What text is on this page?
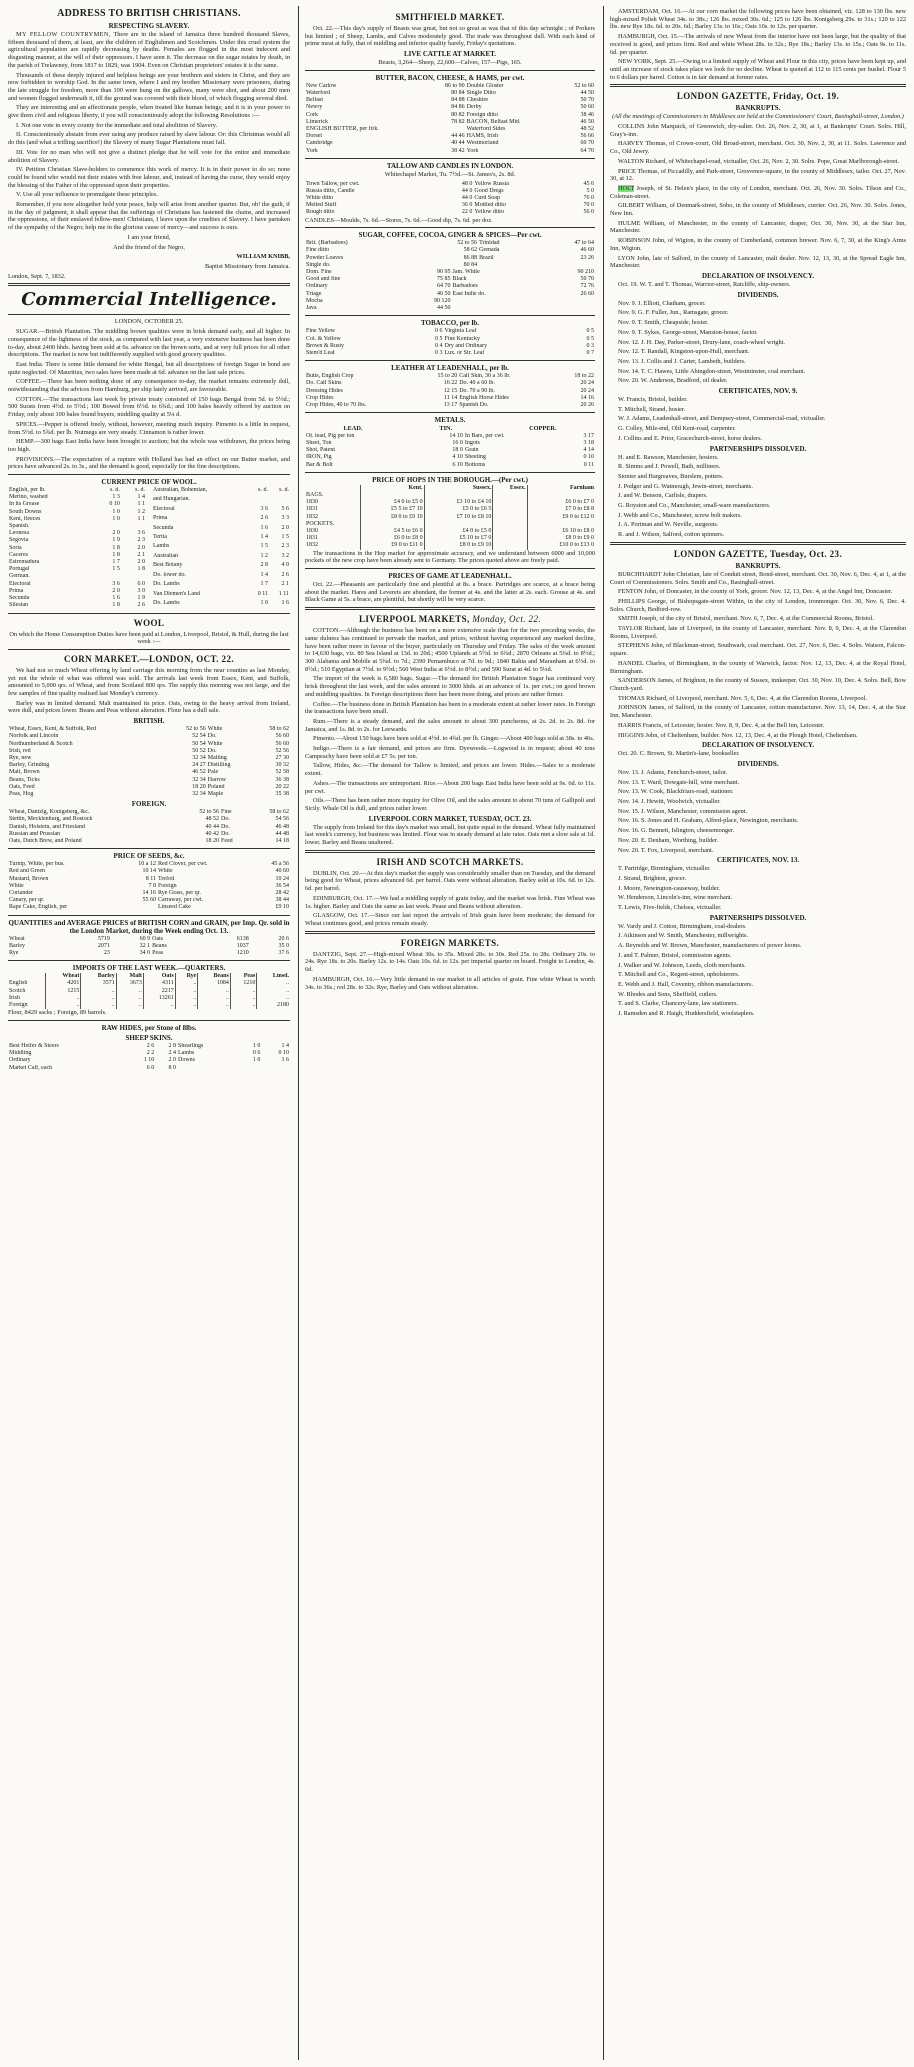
ADDRESS TO BRITISH CHRISTIANS.
RESPECTING SLAVERY.

MY FELLOW COUNTRYMEN, There are in the island of Jamaica three hundred thousand Slaves, fifteen thousand of them, at least, are the children of Englishmen and Scotchmen. Under this cruel system the agricultural population are rapidly decreasing by deaths. Females are flogged in the most indecent and disgusting manner, at the will of their oppressors. I have seen it. The decrease on the sugar estates by death, in the parish of Trelawney, from 1817 to 1829, was 1904. Even on Christian proprietors' estates it is the same.

Thousands of these deeply injured and helpless beings are your brethren and sisters in Christ, and they are now forbidden to worship God. In the same town, where I and my brother Missionary were prisoners, during the late struggle for freedom, more than 100 were hung on the gallows, many were shot, and about 200 men and women flogged underneath it, till the ground was covered with their blood, of which flogging several died.

They are interesting and an affectionate people, when treated like human beings; and it is in your power to give them civil and religious liberty, if you will conscientiously adopt the following Resolutions :—

I. Not one vote in every county for the immediate and total abolition of Slavery.

II. Conscientiously abstain from ever using any produce raised by slave labour. Or: this Christmas would all do this (and what a trifling sacrifice!) the Slavery of many Sugar Plantations must fall.

III. Vote for no man who will not give a distinct pledge that he will vote for the entire and immediate abolition of Slavery.

IV. Petition Christian Slave-holders to commence this work of mercy. It is in their power to do so; none could be found who would not their estates with free labour, and, instead of having the curse, they would enjoy the blessing of the Father of the oppressed upon their properties.

V. Use all your influence to promulgate these principles.

Remember, if you now altogether hold your peace, help will arise from another quarter. But, oh! the guilt, if in the day of judgment, it shall appear that the sufferings of Christians has fastened the chains, and increased the oppressions, of their enslaved fellow-men! Christians, I leave upon the cruelties of Slavery. I have partaken of the sympathy of the Negro; help me in the glorious cause of mercy—and success is ours.

I am your friend,

And the friend of the Negro,

WILLIAM KNIBB,

Baptist Missionary from Jamaica.

London, Sept. 7, 1832.

Commercial Intelligence.

LONDON, OCTOBER 25.

SUGAR.—British Plantation. The middling brown qualities were in brisk demand early, and all higher. In consequence of the lightness of the stock, as compared with last year, a very extensive business has been done to-day, about 2400 hhds. having been sold at 6s. advance on the brown sorts, and at very full prices for all other descriptions. The market is now but indifferently supplied with good grocery qualities.

East India. There is some little demand for white Bengal, but all descriptions of foreign Sugar in bond are quite neglected. Of Mauritius, two sales have been made at 6d. advance on the last sale prices.

COFFEE.—There has been nothing done of any consequence to-day, the market remains extremely dull, notwithstanding that the advices from Hamburg, per ship lately arrived, are favourable.

COTTON.—The transactions last week by private treaty consisted of 150 bags Bengal from 5d. to 5½d.; 500 Surats from 4½d. to 5½d.; 100 Bowed from 6½d. to 6¾d.; and 100 bales heavily offered by auction on Friday, only about 100 bales found buyers, middling quality at 5¼ d.

SPICES.—Pepper is offered freely, without, however, meeting much inquiry. Pimento is a little in request, from 5½d. to 5¾d. per lb. Nutmegs are very steady. Cinnamon is rather lower.

HEMP.—300 bags East India have been brought to auction; but the whole was withdrawn, the prices being too high.

PROVISIONS.—The expectation of a rupture with Holland has had an effect on our Butter market, and prices have advanced 2s. to 3s., and the demand is good, especially for the fine descriptions.

CURRENT PRICE OF WOOL.
English, per lb.	s. d.	s. d.
Merino, washed	1 3	1 4
In its Grease	0 10	1 1
South Downs	1 0	1 2
Kent, fleeces	1 0	1 1
Spanish.		
Leonesa	2 0	3 6
Segovia	1 9	2 3
Soria	1 8	2 0
Caceres	1 8	2 1
Estremadura	1 7	2 0
Portugal	1 5	1 8
German.		
Electoral	3 6	6 0
Prima	2 0	3 0
Secunda	1 6	1 9
Silesian	1 8	2 6
Australian, Bohemian,	s. d.	s. d.
and Hungarian.		
Electoral	3 6	5 6
Prima	2 6	3 3
Secunda	1 6	2 0
Tertia	1 4	1 5
Lambs	1 5	2 3
Australian	1 2	3 2
Best Botany	2 8	4 0
Do. lower do.	1 4	2 6
Do. Lambs	1 7	2 1
Van Diemen's Land	0 11	1 11
Do. Lambs	1 0	1 6
WOOL

On which the Home Consumption Duties have been paid at London, Liverpool, Bristol, & Hull, during the last week :—

CORN MARKET.—LONDON, OCT. 22.

We had not so much Wheat offering by land carriage this morning from the near counties as last Monday, yet not the whole of what was offered was sold. The arrivals last week from Essex, Kent, and Suffolk, amounted to 5,000 qrs. of Wheat, and from Scotland 800 qrs. The supply this morning was not large, and the few samples of fine quality realised last Monday's currency.

Barley was in limited demand. Malt maintained its price. Oats, owing to the heavy arrival from Ireland, were dull, and prices lower. Beans and Peas without alteration. Flour has a dull sale.

BRITISH.
Wheat, Essex, Kent, & Suffolk, Red	52 to 56	White	58 to 62
Norfolk and Lincoln	52 54	Do.	56 60
Northumberland & Scotch	50 54	White	56 60
Irish, red	50 52	Do.	52 56
Rye, new	32 34	Malting	27 30
Barley, Grinding	24 27	Distilling	30 32
Malt, Brown	46 52	Pale	52 58
Beans, Ticks	32 34	Harrow	36 38
Oats, Feed	18 20	Poland	20 22
Peas, Hog	32 34	Maple	35 38
FOREIGN.
Wheat, Dantzig, Konigsberg, &c.	52 to 56	Fine	58 to 62
Stettin, Mecklenburg, and Rostock	48 52	Do.	54 56
Danish, Holstein, and Friesland	40 44	Do.	46 48
Russian and Prussian	40 42	Do.	44 48
Oats, Dutch Brew, and Poland	18 20	Feed	14 18
PRICE OF SEEDS, &c.
Turnip, White, per bus.	10 a 12	Red Clover, per cwt.	45 a 56
Red and Green	10 14	White	40 60
Mustard, Brown	8 11	Trefoil	10 24
White	7 8	Foreign	36 54
Coriander	14 16	Rye Grass, per qr.	28 42
Canary, per qr.	55 60	Carraway, per cwt.	38 44
Rape Cake, English, per		Linseed Cake	£9 10
QUANTITIES and AVERAGE PRICES of BRITISH CORN and GRAIN, per Imp. Qr. sold in the London Market, during the Week ending Oct. 13.
Wheat	5719	60 9	Oats	6138	20 6
Barley	2071	32 1	Beans	1037	35 0
Rye	23	34 0	Peas	1210	37 6
IMPORTS OF THE LAST WEEK.—QUARTERS.
	Wheat	Barley	Malt	Oats	Rye	Beans	Peas	Linsd.
English	4201	3571	3673	4311	..	1084	1210	..
Scotch	1215	..	..	2217	..	..	..	..
Irish	..	..	..	13261	..	..	..	..
Foreign	..	..	..	..	..	..	..	2180

Flour, 8429 sacks ; Foreign, 89 barrels.

RAW HIDES, per Stone of 8lbs.
SHEEP SKINS.
Best Heifer & Steers	2 6	2 8	Shearlings	1 0	1 4
Middling	2 2	2 4	Lambs	0 6	0 10
Ordinary	1 10	2 0	Downs	1 0	1 6
Market Calf, each	6 0	8 0			
SMITHFIELD MARKET.

Oct. 22.—This day's supply of Beasts was great, but not so great as was that of this day se'nnight ; of Porkers but limited ; of Sheep, Lambs, and Calves moderately good. The trade was throughout dull. With each kind of prime meat at fully, that of middling and inferior quality barely, Friday's quotations.

LIVE CATTLE AT MARKET.

Beasts, 3,264—Sheep, 22,600—Calves, 157—Pigs, 165.

BUTTER, BACON, CHEESE, & HAMS, per cwt.
New Carlow	86 to 90	Double Gloster	52 to 60
Waterford	80 84	Single Ditto	44 50
Belfast	84 88	Cheshire	50 70
Newry	84 86	Derby	50 60
Cork	80 82	Foreign ditto	38 46
Limerick	78 82	BACON, Belfast Mid.	46 50
ENGLISH BUTTER, per firk.		Waterford Sides	48 52
Dorset	44 46	HAMS, Irish	56 66
Cambridge	40 44	Westmorland	60 70
York	38 42	York	64 70
TALLOW AND CANDLES IN LONDON.

Whitechapel Market, Tu. 7½d.—St. James's, 2s. 8d.

Town Tallow, per cwt.	48 0	Yellow Russia	45 6
Russia ditto, Candle	44 0	Good Dregs	5 0
White ditto	44 0	Curd Soap	76 0
Melted Stuff	36 0	Mottled ditto	70 0
Rough ditto	22 0	Yellow ditto	56 0

CANDLES—Moulds, 7s. 6d.—Stores, 7s. 6d.—Good dip, 7s. 6d. per doz.

SUGAR, COFFEE, COCOA, GINGER & SPICES—Per cwt.
Brit. (Barbadoes)	52 to 56	Trinidad	47 to 64
Fine ditto	58 62	Grenada	46 60
Powder Loaves	86 88	Brazil	23 26
Single do.	80 84		
Dom. Fine	90 95	Jam. White	90 210
Good and fine	75 85	Black	50 70
Ordinary	64 70	Barbadoes	72 76
Triage	40 50	East Indie do.	26 60
Mocha	90 120		
Java	44 50		
TOBACCO, per lb.
Fine Yellow	0 6	Virginia Leaf	0 5
Col. & Yellow	0 5	Fine Kentucky	0 5
Brown & Rusty	0 4	Dry and Ordinary	0 3
Stem'd Leaf	0 3	Lux. or Str. Leaf	0 7
LEATHER AT LEADENHALL, per lb.
Butts, English Crop	15 to 20	Calf Skin, 30 a 36 lb.	18 to 22
Do. Calf Skins	16 22	Do. 40 a 60 lb.	20 24
Dressing Hides	12 15	Do. 70 a 90 lb.	20 24
Crop Hides	11 14	English Horse Hides	14 16
Crop Hides, 40 to 70 lbs.	13 17	Spanish Do.	20 26
METALS.
LEAD.	TIN.	COPPER.
Ot. lead, Pig per ton	14 10	In Bars, per cwt.	3 17
Sheet, Ton	16 0	Ingots	3 18
Shot, Patent	18 0	Grain	4 14
IRON, Pig	4 10	Sheeting	0 10
Bar & Bolt	6 10	Bottoms	0 11
PRICE OF HOPS IN THE BOROUGH.—(Per cwt.)
	Kent.	Sussex.	Essex.	Farnham
BAGS.				
1830	£4 0 to £5 0	£3 10 to £4 10		£6 0 to £7 0
1831	£5 5 to £7 10	£5 0 to £6 5		£7 0 to £8 8
1832	£8 0 to £9 10	£7 10 to £8 10		£9 0 to £12 0
POCKETS.				
1830	£4 5 to £6 0	£4 0 to £5 0		£6 10 to £8 0
1831	£6 0 to £8 0	£5 10 to £7 0		£8 0 to £9 0
1832	£9 0 to £11 0	£8 0 to £9 10		£10 0 to £13 0

The transactions in the Hop market for approximate accuracy, and we understand between 6000 and 10,000 pockets of the new crop have been already sent to Germany. The prices quoted above are freely paid.

PRICES OF GAME AT LEADENHALL.

Oct. 22.—Pheasants are particularly fine and plentiful at 8s. a brace. Partridges are scarce, at a brace being about the market. Hares and Leverets are abundant, the former at 4s. and the latter at 2s. each. Grouse at 4s. and Black Game at 5s. a brace, are plentiful, but shortly will be very scarce.

LIVERPOOL MARKETS, Monday, Oct. 22.

COTTON.—Although the business has been on a more extensive scale than for the two preceding weeks, the same dulness has continued to pervade the market, and prices, without having experienced any marked decline, have been rather more in favour of the buyer, particularly on Thursday and Friday. The sales of the week amount to 14,630 bags, viz. 80 Sea Island at 13d. to 20d.; 4500 Uplands at 5½d. to 6¾d.; 2870 Orleans at 5¾d. to 8½d.; 300 Alabama and Mobile at 5¾d. to 7d.; 2390 Pernambuco at 7d. to 9d.; 1840 Bahia and Maranham at 6½d. to 8½d.; 510 Egyptian at 7½d. to 9½d.; 560 West India at 6½d. to 8½d.; and 590 Surat at 4d. to 5¼d.

The import of the week is 6,580 bags. Sugar.—The demand for British Plantation Sugar has continued very brisk throughout the last week, and the sales amount to 3000 hhds. at an advance of 1s. per cwt.; on good brown and middling qualities. In Foreign descriptions there has been more doing, and prices are rather firmer.

Coffee.—The business done in British Plantation has been to a moderate extent at rather lower rates. In Foreign the transactions have been small.

Rum.—There is a steady demand, and the sales amount to about 300 puncheons, at 2s. 2d. to 2s. 8d. for Jamaica, and 1s. 8d. to 2s. for Leewards.

Pimento.—About 150 bags have been sold at 4½d. to 4¾d. per lb. Ginger.—About 400 bags sold at 38s. to 46s.

Indigo.—There is a fair demand, and prices are firm. Dyewoods.—Logwood is in request; about 40 tons Campeachy have been sold at £7 5s. per ton.

Tallow, Hides, &c.—The demand for Tallow is limited, and prices are lower. Hides.—Sales to a moderate extent.

Ashes.—The transactions are unimportant. Rice.—About 200 bags East India have been sold at 9s. 6d. to 11s. per cwt.

Oils.—There has been rather more inquiry for Olive Oil, and the sales amount to about 70 tuns of Gallipoli and Sicily. Whale Oil is dull, and prices rather lower.

LIVERPOOL CORN MARKET, TUESDAY, OCT. 23.

The supply from Ireland for this day's market was small, but quite equal to the demand. Wheat fully maintained last week's currency, but business was limited. Flour was in steady demand at late rates. Oats met a slow sale at 1d. lower. Barley and Beans unaltered.

IRISH AND SCOTCH MARKETS.

DUBLIN, Oct. 20.—At this day's market the supply was considerably smaller than on Tuesday, and the demand being good for Wheat, prices advanced 6d. per barrel. Oats were without alteration. Barley sold at 10s. 6d. to 12s. 6d. per barrel.

EDINBURGH, Oct. 17.—We had a middling supply of grain today, and the market was brisk. Fine Wheat was 1s. higher. Barley and Oats the same as last week. Pease and Beans without alteration.

GLASGOW, Oct. 17.—Since our last report the arrivals of Irish grain have been moderate; the demand for Wheat continues good, and prices remain steady.

FOREIGN MARKETS.

DANTZIG, Sept. 27.—High-mixed Wheat 30s. to 35s. Mixed 28s. to 30s. Red 25s. to 28s. Ordinary 20s. to 24s. Rye 18s. to 20s. Barley 12s. to 14s. Oats 10s. 6d. to 12s. per imperial quarter on board. Freight to London, 4s. 6d.

HAMBURGH, Oct. 16.—Very little demand in our market in all articles of grain. Fine white Wheat is worth 34s. to 36s.; red 28s. to 32s. Rye, Barley and Oats without alteration.

AMSTERDAM, Oct. 16.—At our corn market the following prices have been obtained, viz. 128 to 130 lbs. new high-mixed Polish Wheat 34s. to 38s.; 126 lbs. mixed 30s. 6d.; 125 to 126 lbs. Konigsberg 29s. to 31s.; 120 to 122 lbs. new Rye 18s. 6d. to 20s. 6d.; Barley 13s. to 16s.; Oats 10s. to 12s. per quarter.

HAMBURGH, Oct. 15.—The arrivals of new Wheat from the interior have not been large, but the quality of that received is good, and prices firm. Red and white Wheat 28s. to 32s.; Rye 18s.; Barley 13s. to 15s.; Oats 9s. to 11s. 6d. per quarter.

NEW YORK, Sept. 25.—Owing to a limited supply of Wheat and Flour in this city, prices have been kept up, and until an increase of stock takes place we look for no decline. Wheat is quoted at 112 to 115 cents per bushel. Flour 5 to 6 dollars per barrel. Cotton is in fair demand at former rates.

LONDON GAZETTE, Friday, Oct. 19.
BANKRUPTS.

(All the meetings of Commissioners in Middlesex are held at the Commissioners' Court, Basinghall-street, London.)

COLLINS John Marquick, of Greenwich, dry-salter. Oct. 26, Nov. 2, 30, at 1, at Bankrupts' Court. Solrs. Hill, Gray's-inn.

HARVEY Thomas, of Crown-court, Old Broad-street, merchant. Oct. 30, Nov. 2, 30, at 11. Solrs. Lawrence and Co., Old Jewry.

WALTON Richard, of Whitechapel-road, victualler, Oct. 26, Nov. 2, 30. Solrs. Pope, Great Marlborough-street.

PRICE Thomas, of Piccadilly, and Park-street, Grosvenor-square, in the county of Middlesex, tailor. Oct. 27, Nov. 30, at 12.

HOLT Joseph, of St. Helen's place, in the city of London, merchant. Oct. 26, Nov. 30. Solrs. Tilson and Co., Coleman-street.

GILBERT William, of Denmark-street, Soho, in the county of Middlesex, currier. Oct. 26, Nov. 30. Solrs. Jones, New Inn.

HULME William, of Manchester, in the county of Lancaster, draper, Oct. 30, Nov. 30, at the Star Inn, Manchester.

ROBINSON John, of Wigton, in the county of Cumberland, common brewer. Nov. 6, 7, 30, at the King's Arms Inn, Wigton.

LYON John, late of Salford, in the county of Lancaster, malt dealer. Nov. 12, 13, 30, at the Spread Eagle Inn, Manchester.

DECLARATION OF INSOLVENCY.

Oct. 19. W. T. and T. Thomas, Warrior-street, Ratcliffe, ship-owners.

DIVIDENDS.

Nov. 9. J. Elliott, Chatham, grocer.

Nov. 9. G. F. Fuller, Jun., Ramsgate, grocer.

Nov. 9. T. Smith, Cheapside, hosier.

Nov. 9. T. Sykes, George-street, Mansion-house, factor.

Nov. 12. J. H. Day, Parker-street, Drury-lane, coach-wheel wright.

Nov. 12. T. Randall, Kingston-upon-Hull, merchant.

Nov. 13. J. Collis and J. Carter, Lambeth, builders.

Nov. 14. T. C. Hawes, Little Abingdon-street, Westminster, coal merchant.

Nov. 20. W. Anderson, Bradford, oil dealer.

CERTIFICATES, NOV. 9.

W. Francis, Bristol, builder.

T. Mitchell, Strand, hosier.

W. J. Adams, Leadenhall-street, and Dempsey-street, Commercial-road, victualler.

G. Colley, Mile-end, Old Kent-road, carpenter.

J. Collins and E. Prior, Gracechurch-street, horse dealers.

PARTNERSHIPS DISSOLVED.

H. and E. Rawson, Manchester, hosiers.

R. Simms and J. Powell, Bath, milliners.

Stonier and Hargreaves, Burslem, potters.

J. Podger and G. Watmough, Jewin-street, merchants.

J. and W. Benson, Carlisle, drapers.

G. Royston and Co., Manchester, small-ware manufacturers.

J. Webb and Co., Manchester, screw bolt makers.

J. A. Portman and W. Neville, surgeons.

R. and J. Wilson, Salford, cotton spinners.

LONDON GAZETTE, Tuesday, Oct. 23.
BANKRUPTS.

BURCHHARDT John Christian, late of Conduit street, Bond-street, merchant. Oct. 30, Nov. 6, Dec. 4, at 1, at the Court of Commissioners. Solrs. Smith and Co., Basinghall-street.

FENTON John, of Doncaster, in the county of York, grocer. Nov. 12, 13, Dec. 4, at the Angel Inn, Doncaster.

PHILLIPS George, of Bishopsgate-street Within, in the city of London, ironmonger. Oct. 30, Nov. 6, Dec. 4. Solrs. Church, Bedford-row.

SMITH Joseph, of the city of Bristol, merchant. Nov. 6, 7, Dec. 4, at the Commercial Rooms, Bristol.

TAYLOR Richard, late of Liverpool, in the county of Lancaster, merchant. Nov. 8, 9, Dec. 4, at the Clarendon Rooms, Liverpool.

STEPHENS John, of Blackman-street, Southwark, coal merchant. Oct. 27, Nov. 6, Dec. 4. Solrs. Watson, Falcon-square.

HANDEL Charles, of Birmingham, in the county of Warwick, factor. Nov. 12, 13, Dec. 4, at the Royal Hotel, Birmingham.

SANDERSON James, of Brighton, in the county of Sussex, innkeeper. Oct. 30, Nov. 10, Dec. 4. Solrs. Bell, Bow Church-yard.

THOMAS Richard, of Liverpool, merchant. Nov. 5, 6, Dec. 4, at the Clarendon Rooms, Liverpool.

JOHNSON James, of Salford, in the county of Lancaster, cotton manufacturer. Nov. 13, 14, Dec. 4, at the Star Inn, Manchester.

HARRIS Francis, of Leicester, hosier. Nov. 8, 9, Dec. 4, at the Bell Inn, Leicester.

HIGGINS John, of Cheltenham, builder. Nov. 12, 13, Dec. 4, at the Plough Hotel, Cheltenham.

DECLARATION OF INSOLVENCY.

Oct. 20. C. Brown, St. Martin's-lane, bookseller.

DIVIDENDS.

Nov. 13. J. Adams, Fenchurch-street, tailor.

Nov. 13. T. Ward, Dowgate-hill, wine merchant.

Nov. 13. W. Cook, Blackfriars-road, stationer.

Nov. 14. J. Hewitt, Woolwich, victualler.

Nov. 15. J. Wilson, Manchester, commission agent.

Nov. 16. S. Jones and H. Graham, Alfred-place, Newington, merchants.

Nov. 16. G. Bennett, Islington, cheesemonger.

Nov. 20. E. Denham, Worthing, builder.

Nov. 20. T. Fox, Liverpool, merchant.

CERTIFICATES, NOV. 13.

T. Partridge, Birmingham, victualler.

J. Strand, Brighton, grocer.

J. Moore, Newington-causeway, builder.

W. Henderson, Lincoln's-inn, wine merchant.

T. Lewis, Five-fields, Chelsea, victualler.

PARTNERSHIPS DISSOLVED.

W. Vardy and J. Cotton, Birmingham, coal-dealers.

J. Atkinson and W. Smith, Manchester, millwrights.

A. Reynolds and W. Brown, Manchester, manufacturers of power looms.

J. and T. Palmer, Bristol, commission agents.

J. Walker and W. Johnson, Leeds, cloth merchants.

T. Mitchell and Co., Regent-street, upholsterers.

E. Webb and J. Hall, Coventry, ribbon manufacturers.

W. Rhodes and Sons, Sheffield, cutlers.

T. and S. Clarke, Chancery-lane, law stationers.

J. Ramsden and R. Haigh, Huddersfield, woolstaplers.
